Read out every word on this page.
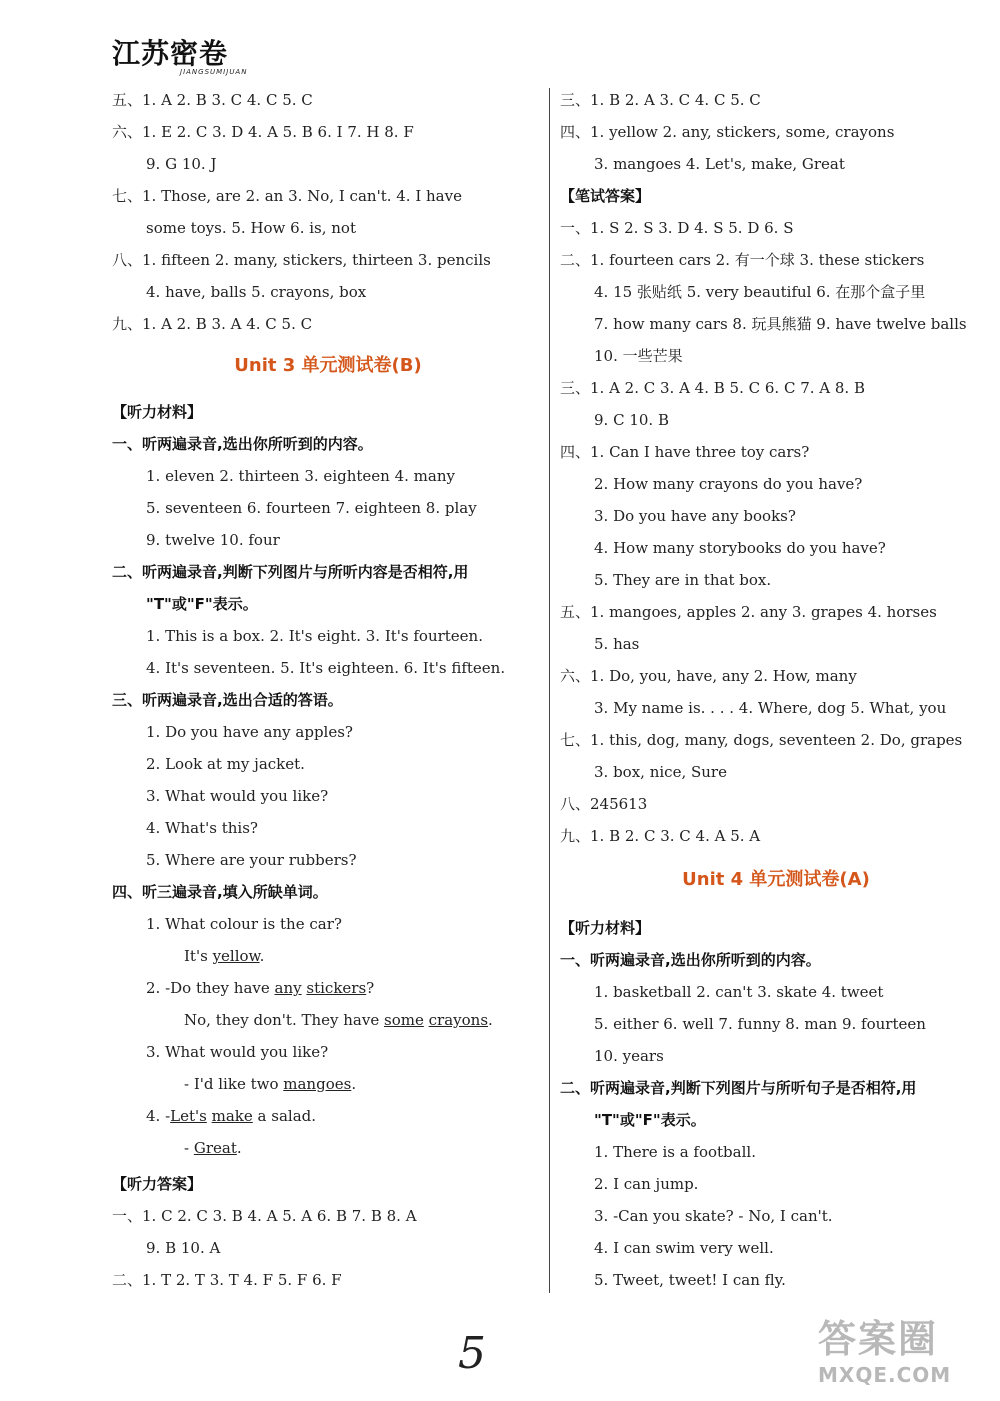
江苏密卷
JIANGSUMIJUAN
五、1. A 2. B 3. C 4. C 5. C
六、1. E 2. C 3. D 4. A 5. B 6. I 7. H 8. F
9. G 10. J
七、1. Those, are 2. an 3. No, I can't. 4. I have
some toys. 5. How 6. is, not
八、1. fifteen 2. many, stickers, thirteen 3. pencils
4. have, balls 5. crayons, box
九、1. A 2. B 3. A 4. C 5. C
Unit 3 单元测试卷(B)
【听力材料】
一、听两遍录音,选出你所听到的内容。
1. eleven 2. thirteen 3. eighteen 4. many
5. seventeen 6. fourteen 7. eighteen 8. play
9. twelve 10. four
二、听两遍录音,判断下列图片与所听内容是否相符,用
"T"或"F"表示。
1. This is a box. 2. It's eight. 3. It's fourteen.
4. It's seventeen. 5. It's eighteen. 6. It's fifteen.
三、听两遍录音,选出合适的答语。
1. Do you have any apples?
2. Look at my jacket.
3. What would you like?
4. What's this?
5. Where are your rubbers?
四、听三遍录音,填入所缺单词。
1. What colour is the car?
It's yellow.
2. -Do they have any stickers?
No, they don't. They have some crayons.
3. What would you like?
- I'd like two mangoes.
4. -Let's make a salad.
- Great.
【听力答案】
一、1. C 2. C 3. B 4. A 5. A 6. B 7. B 8. A
9. B 10. A
二、1. T 2. T 3. T 4. F 5. F 6. F
三、1. B 2. A 3. C 4. C 5. C
四、1. yellow 2. any, stickers, some, crayons
3. mangoes 4. Let's, make, Great
【笔试答案】
一、1. S 2. S 3. D 4. S 5. D 6. S
二、1. fourteen cars 2. 有一个球 3. these stickers
4. 15 张贴纸 5. very beautiful 6. 在那个盒子里
7. how many cars 8. 玩具熊猫 9. have twelve balls
10. 一些芒果
三、1. A 2. C 3. A 4. B 5. C 6. C 7. A 8. B
9. C 10. B
四、1. Can I have three toy cars?
2. How many crayons do you have?
3. Do you have any books?
4. How many storybooks do you have?
5. They are in that box.
五、1. mangoes, apples 2. any 3. grapes 4. horses
5. has
六、1. Do, you, have, any 2. How, many
3. My name is. . . . 4. Where, dog 5. What, you
七、1. this, dog, many, dogs, seventeen 2. Do, grapes
3. box, nice, Sure
八、245613
九、1. B 2. C 3. C 4. A 5. A
Unit 4 单元测试卷(A)
【听力材料】
一、听两遍录音,选出你所听到的内容。
1. basketball 2. can't 3. skate 4. tweet
5. either 6. well 7. funny 8. man 9. fourteen
10. years
二、听两遍录音,判断下列图片与所听句子是否相符,用
"T"或"F"表示。
1. There is a football.
2. I can jump.
3. -Can you skate? - No, I can't.
4. I can swim very well.
5. Tweet, tweet! I can fly.
5	答案圈
MXQE.COM
